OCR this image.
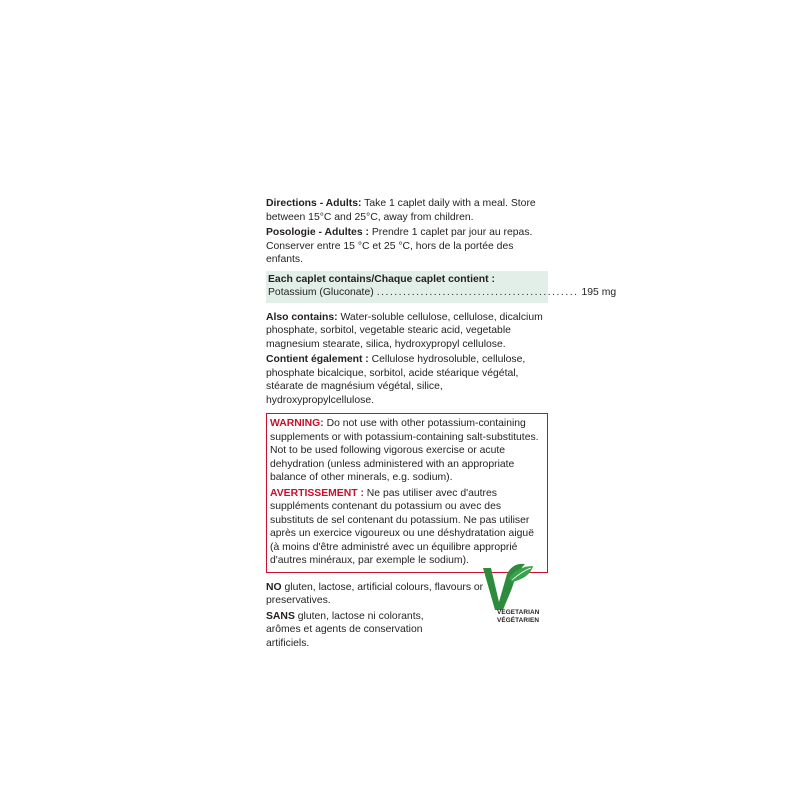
Directions - Adults: Take 1 caplet daily with a meal. Store between 15°C and 25°C, away from children.

Posologie - Adultes : Prendre 1 caplet par jour au repas. Conserver entre 15 °C et 25 °C, hors de la portée des enfants.

Each caplet contains/Chaque caplet contient :
Potassium (Gluconate) .............................................. 195 mg

Also contains: Water-soluble cellulose, cellulose, dicalcium phosphate, sorbitol, vegetable stearic acid, vegetable magnesium stearate, silica, hydroxypropyl cellulose.

Contient également : Cellulose hydrosoluble, cellulose, phosphate bicalcique, sorbitol, acide stéarique végétal, stéarate de magnésium végétal, silice, hydroxypropylcellulose.

WARNING: Do not use with other potassium-containing supplements or with potassium-containing salt-substitutes. Not to be used following vigorous exercise or acute dehydration (unless administered with an appropriate balance of other minerals, e.g. sodium).

AVERTISSEMENT : Ne pas utiliser avec d'autres suppléments contenant du potassium ou avec des substituts de sel contenant du potassium. Ne pas utiliser après un exercice vigoureux ou une déshydratation aiguë (à moins d'être administré avec un équilibre approprié d'autres minéraux, par exemple le sodium).

NO gluten, lactose, artificial colours, flavours or preservatives.

SANS gluten, lactose ni colorants, arômes et agents de conservation artificiels.

VEGETARIAN
VÉGÉTARIEN
